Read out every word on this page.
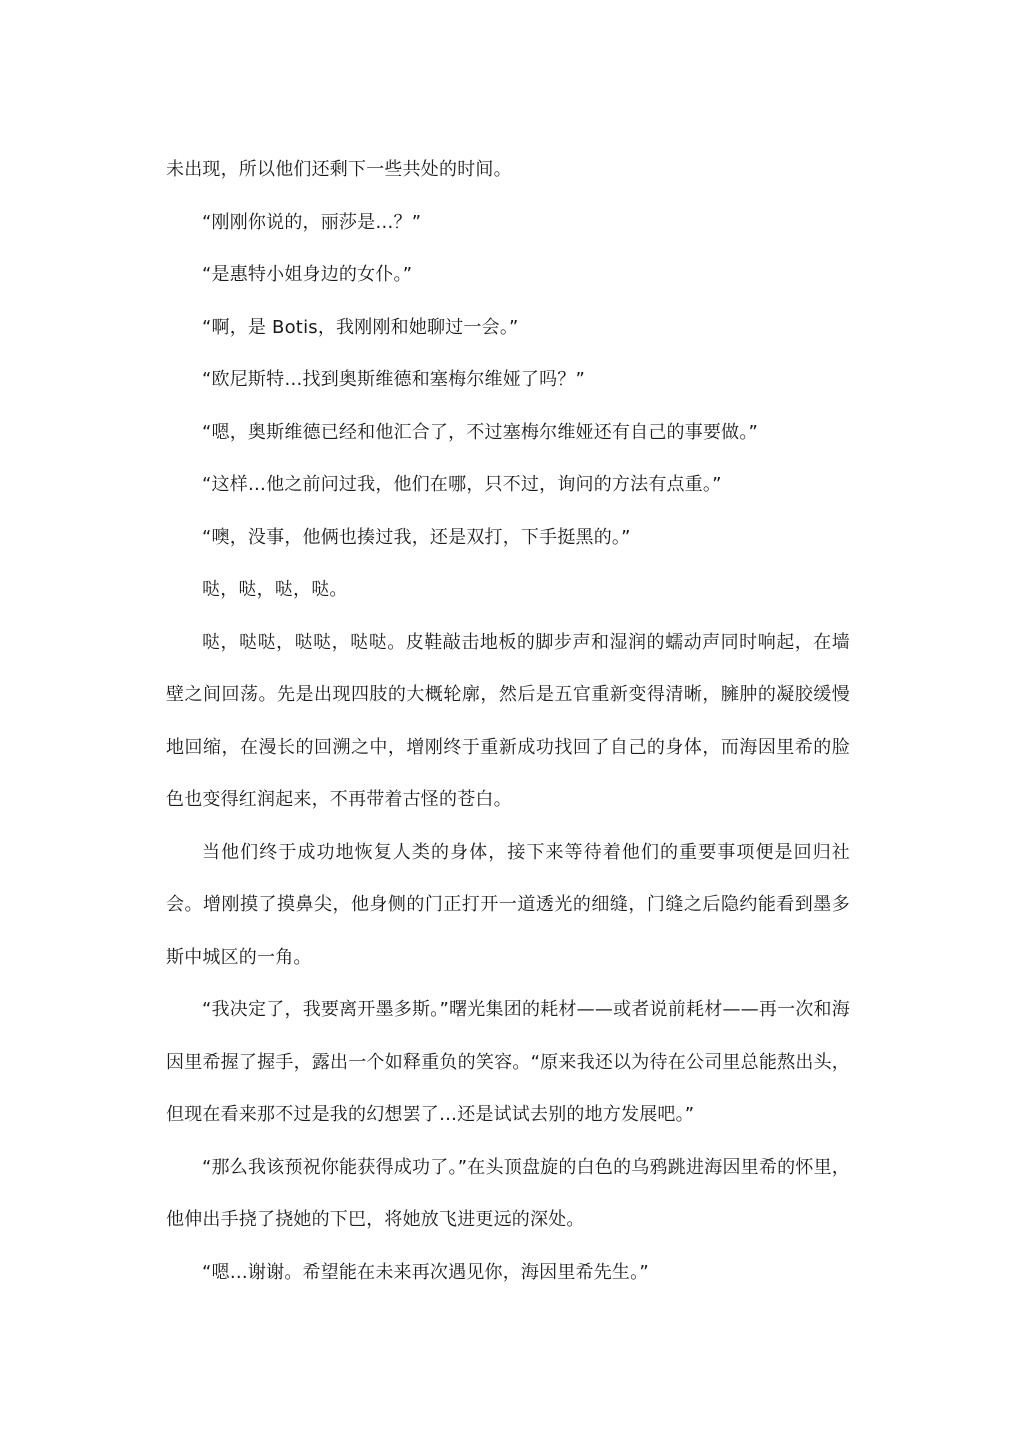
未出现，所以他们还剩下一些共处的时间。

“刚刚你说的，丽莎是…？”

“是惠特小姐身边的女仆。”

“啊，是 Botis，我刚刚和她聊过一会。”

“欧尼斯特…找到奥斯维德和塞梅尔维娅了吗？”

“嗯，奥斯维德已经和他汇合了，不过塞梅尔维娅还有自己的事要做。”

“这样…他之前问过我，他们在哪，只不过，询问的方法有点重。”

“噢，没事，他俩也揍过我，还是双打，下手挺黑的。”

哒，哒，哒，哒。

哒，哒哒，哒哒，哒哒。皮鞋敲击地板的脚步声和湿润的蠕动声同时响起，在墙壁之间回荡。先是出现四肢的大概轮廓，然后是五官重新变得清晰，臃肿的凝胶缓慢地回缩，在漫长的回溯之中，增刚终于重新成功找回了自己的身体，而海因里希的脸色也变得红润起来，不再带着古怪的苍白。

当他们终于成功地恢复人类的身体，接下来等待着他们的重要事项便是回归社会。增刚摸了摸鼻尖，他身侧的门正打开一道透光的细缝，门缝之后隐约能看到墨多斯中城区的一角。

“我决定了，我要离开墨多斯。”曙光集团的耗材——或者说前耗材——再一次和海因里希握了握手，露出一个如释重负的笑容。“原来我还以为待在公司里总能熬出头，但现在看来那不过是我的幻想罢了…还是试试去别的地方发展吧。”

“那么我该预祝你能获得成功了。”在头顶盘旋的白色的乌鸦跳进海因里希的怀里，他伸出手挠了挠她的下巴，将她放飞进更远的深处。

“嗯…谢谢。希望能在未来再次遇见你，海因里希先生。”
